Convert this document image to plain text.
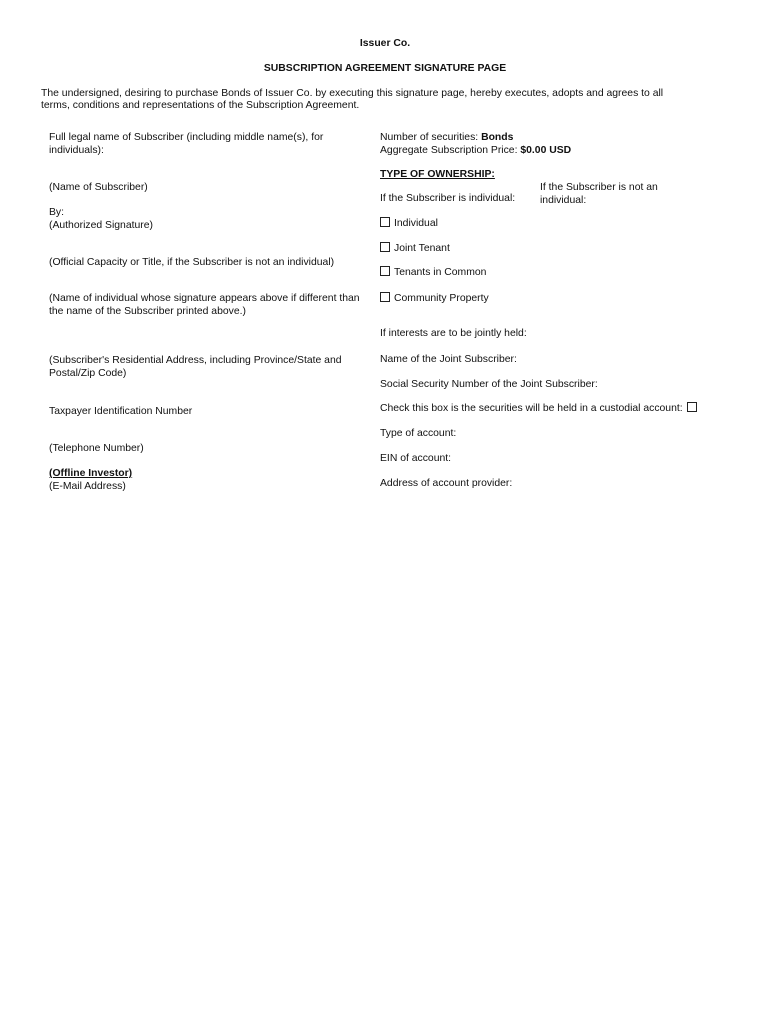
Issuer Co.
SUBSCRIPTION AGREEMENT SIGNATURE PAGE
The undersigned, desiring to purchase Bonds of Issuer Co. by executing this signature page, hereby executes, adopts and agrees to all
terms, conditions and representations of the Subscription Agreement.
Full legal name of Subscriber (including middle name(s), for
individuals):
(Name of Subscriber)
By:
(Authorized Signature)
(Official Capacity or Title, if the Subscriber is not an individual)
(Name of individual whose signature appears above if different than
the name of the Subscriber printed above.)
(Subscriber's Residential Address, including Province/State and
Postal/Zip Code)
Taxpayer Identification Number
(Telephone Number)
(Offline Investor)
(E-Mail Address)
Number of securities: Bonds
Aggregate Subscription Price: $0.00 USD
TYPE OF OWNERSHIP:
If the Subscriber is individual:
If the Subscriber is not an
individual:
Individual
Joint Tenant
Tenants in Common
Community Property
If interests are to be jointly held:
Name of the Joint Subscriber:
Social Security Number of the Joint Subscriber:
Check this box is the securities will be held in a custodial account:
Type of account:
EIN of account:
Address of account provider:
